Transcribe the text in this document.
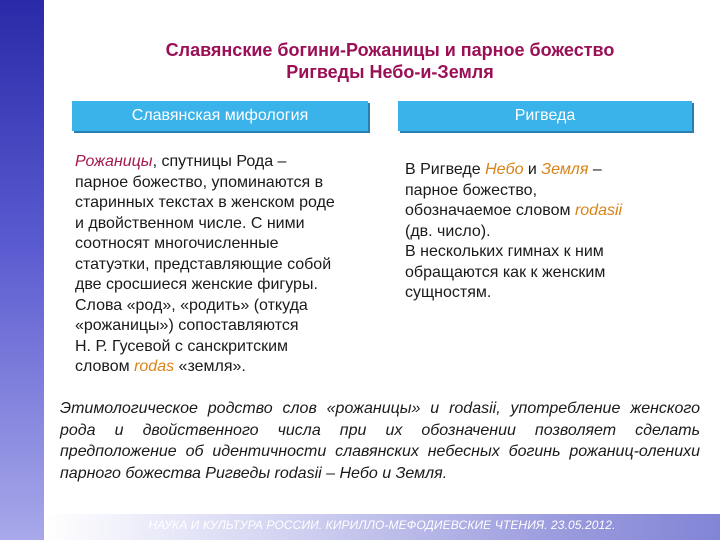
Славянские богини-Рожаницы и парное божество
Ригведы Небо-и-Земля
Славянская мифология	Ригведа
Рожаницы, спутницы Рода –
парное божество, упоминаются в
старинных текстах в женском роде
и двойственном числе. С ними
соотносят многочисленные
статуэтки, представляющие собой
две сросшиеся женские фигуры.
Слова «род», «родить» (откуда
«рожаницы») сопоставляются
Н. Р. Гусевой с санскритским
словом rodas «земля».
В Ригведе Небо и Земля –
парное божество,
обозначаемое словом rodasii
(дв. число).
В нескольких гимнах к ним
обращаются как к женским
сущностям.
Этимологическое родство слов «рожаницы» и rodasii, употребление женского рода и двойственного числа при их обозначении позволяет сделать предположение об идентичности славянских небесных богинь рожаниц-оленихи парного божества Ригведы rodasii – Небо и Земля.
НАУКА И КУЛЬТУРА РОССИИ. КИРИЛЛО-МЕФОДИЕВСКИЕ ЧТЕНИЯ. 23.05.2012.
